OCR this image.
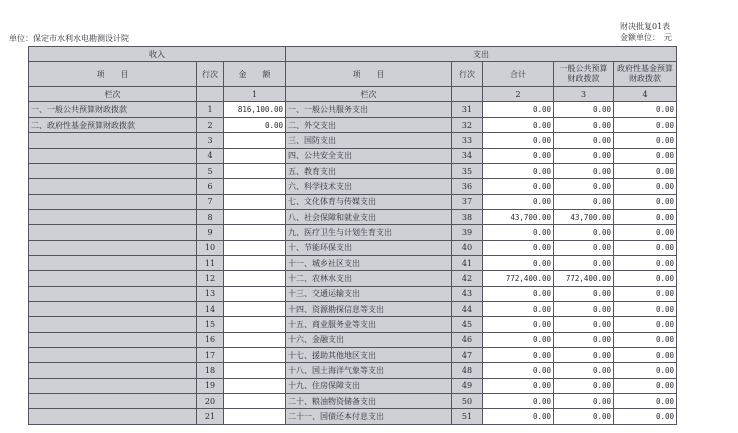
财决批复01表
金额单位：　元
单位：保定市水利水电勘测设计院
收入			支出				
项　　目	行次	金　　额	项　　目	行次	合计	一般公共预算财政拨款	政府性基金预算财政拨款
栏次		1	栏次		2	3	4
一、一般公共预算财政拨款	1	816,100.00	一、一般公共服务支出	31	0.00	0.00	0.00
二、政府性基金预算财政拨款	2	0.00	二、外交支出	32	0.00	0.00	0.00
	3		三、国防支出	33	0.00	0.00	0.00
	4		四、公共安全支出	34	0.00	0.00	0.00
	5		五、教育支出	35	0.00	0.00	0.00
	6		六、科学技术支出	36	0.00	0.00	0.00
	7		七、文化体育与传媒支出	37	0.00	0.00	0.00
	8		八、社会保障和就业支出	38	43,700.00	43,700.00	0.00
	9		九、医疗卫生与计划生育支出	39	0.00	0.00	0.00
	10		十、节能环保支出	40	0.00	0.00	0.00
	11		十一、城乡社区支出	41	0.00	0.00	0.00
	12		十二、农林水支出	42	772,400.00	772,400.00	0.00
	13		十三、交通运输支出	43	0.00	0.00	0.00
	14		十四、资源勘探信息等支出	44	0.00	0.00	0.00
	15		十五、商业服务业等支出	45	0.00	0.00	0.00
	16		十六、金融支出	46	0.00	0.00	0.00
	17		十七、援助其他地区支出	47	0.00	0.00	0.00
	18		十八、国土海洋气象等支出	48	0.00	0.00	0.00
	19		十九、住房保障支出	49	0.00	0.00	0.00
	20		二十、粮油物资储备支出	50	0.00	0.00	0.00
	21		二十一、国债还本付息支出	51	0.00	0.00	0.00
